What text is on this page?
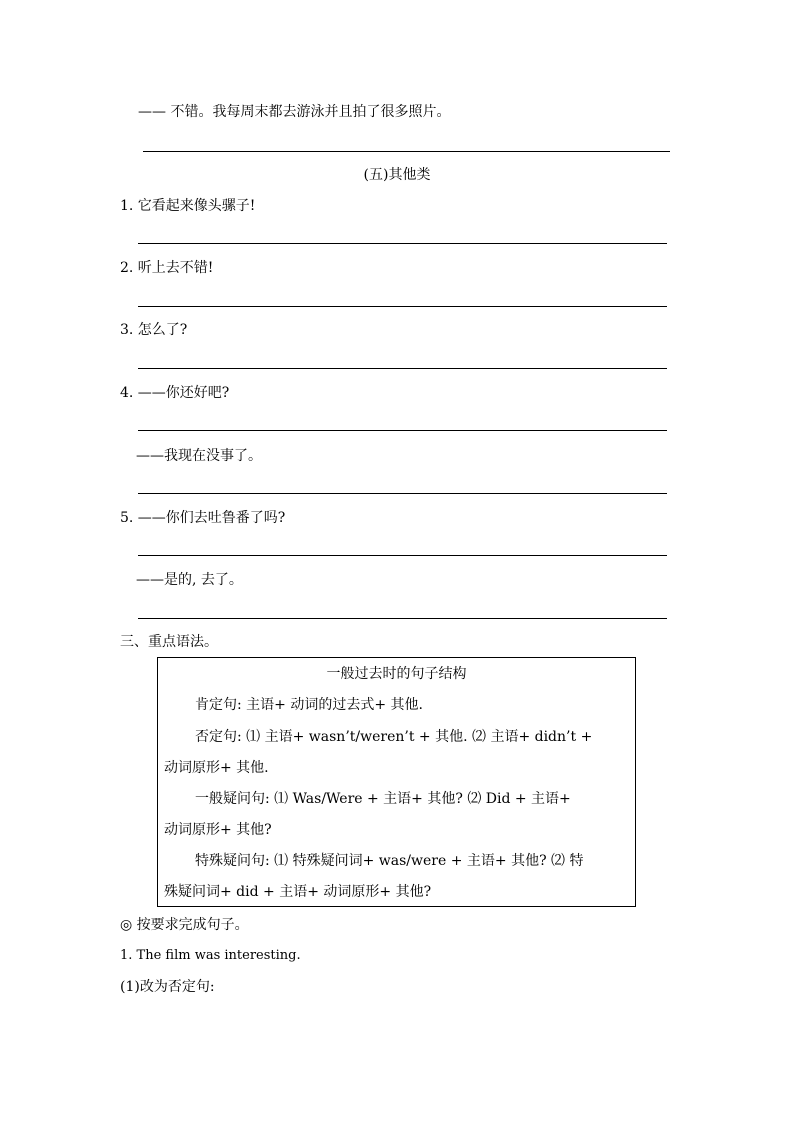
—— 不错。我每周末都去游泳并且拍了很多照片。
(五)其他类
1. 它看起来像头骡子!
2. 听上去不错!
3. 怎么了?
4. ——你还好吧?
——我现在没事了。
5. ——你们去吐鲁番了吗?
——是的, 去了。
三、重点语法。
一般过去时的句子结构
肯定句: 主语+ 动词的过去式+ 其他.
否定句: ⑴ 主语+ wasn’t/weren’t + 其他. ⑵ 主语+ didn’t +
动词原形+ 其他.
一般疑问句: ⑴ Was/Were + 主语+ 其他? ⑵ Did + 主语+
动词原形+ 其他?
特殊疑问句: ⑴ 特殊疑问词+ was/were + 主语+ 其他? ⑵ 特
殊疑问词+ did + 主语+ 动词原形+ 其他?
◎ 按要求完成句子。
1. The film was interesting.
(1)改为否定句:
